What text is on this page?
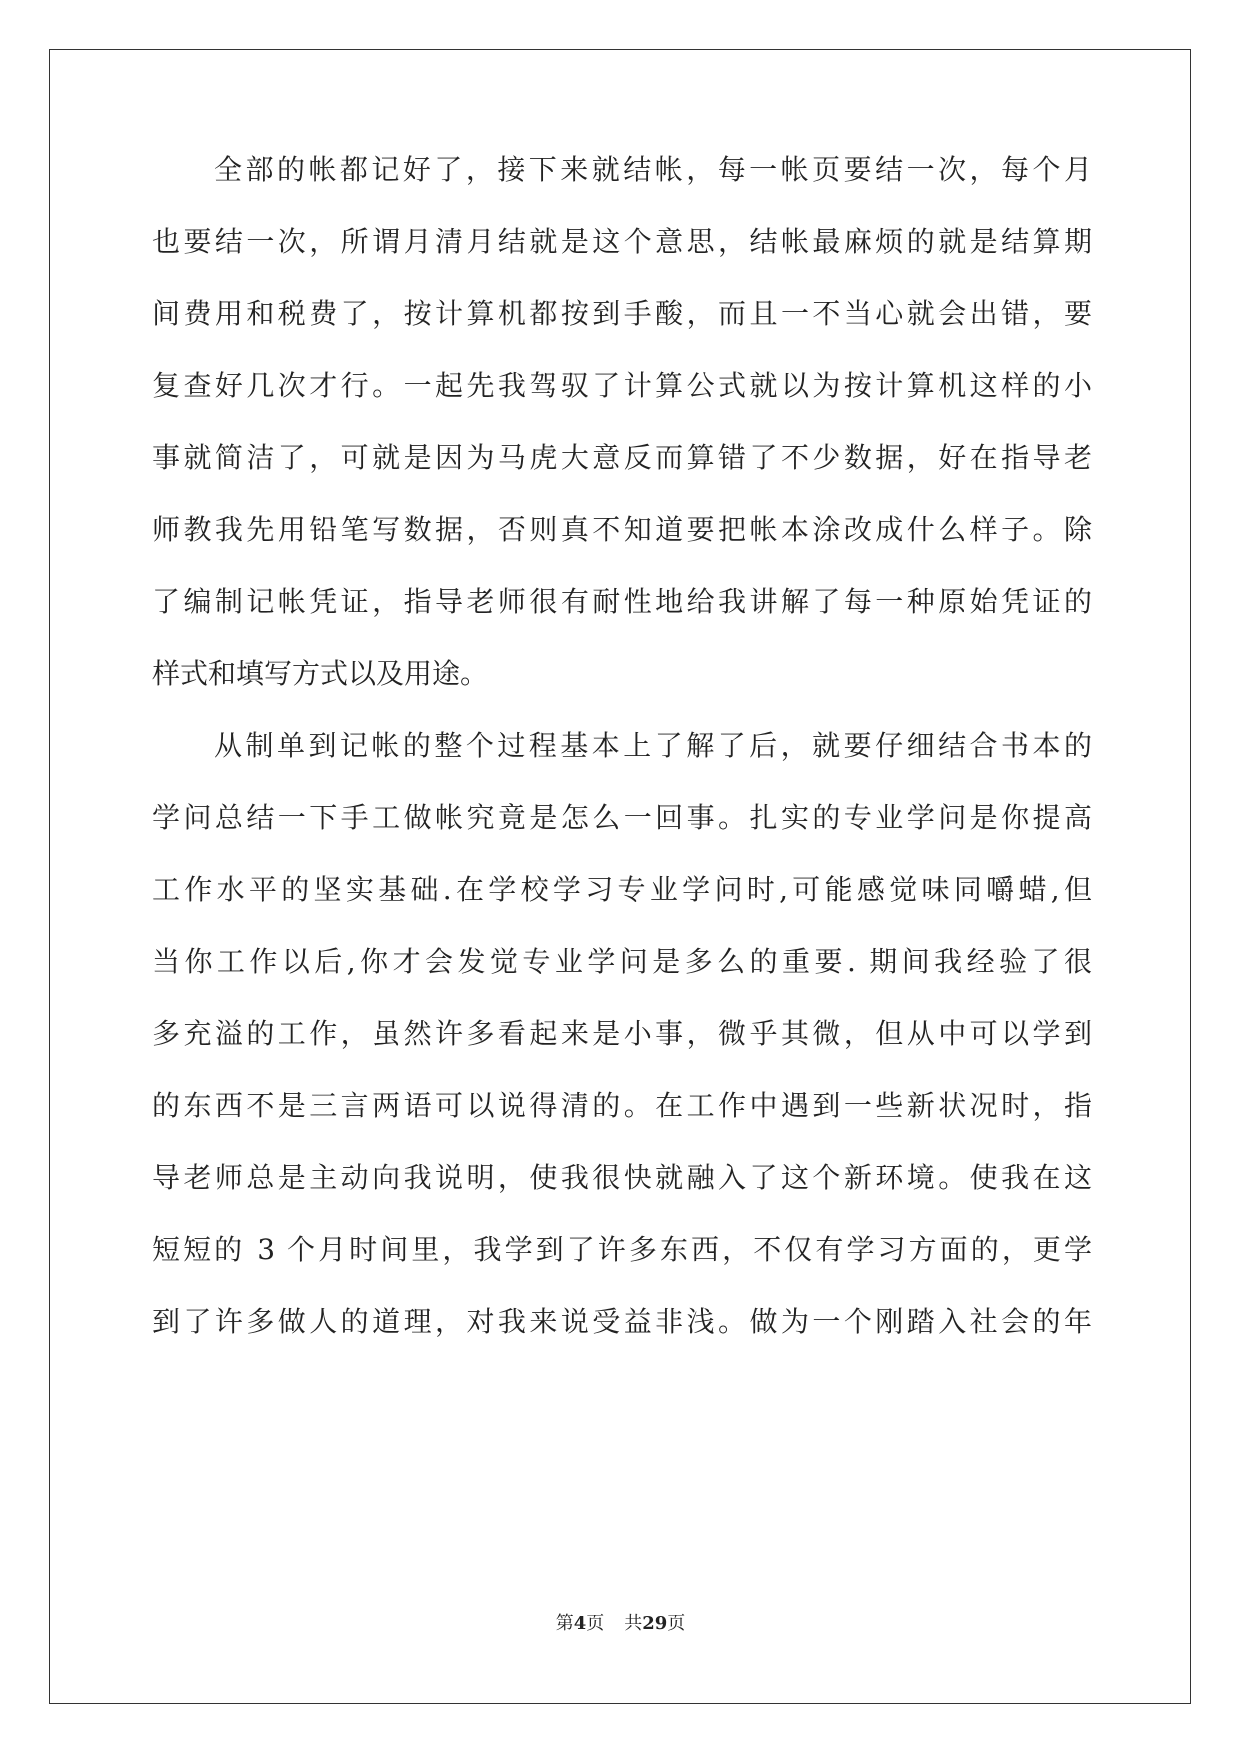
全部的帐都记好了，接下来就结帐，每一帐页要结一次，每个月
也要结一次，所谓月清月结就是这个意思，结帐最麻烦的就是结算期
间费用和税费了，按计算机都按到手酸，而且一不当心就会出错，要
复查好几次才行。一起先我驾驭了计算公式就以为按计算机这样的小
事就简洁了，可就是因为马虎大意反而算错了不少数据，好在指导老
师教我先用铅笔写数据，否则真不知道要把帐本涂改成什么样子。除
了编制记帐凭证，指导老师很有耐性地给我讲解了每一种原始凭证的
样式和填写方式以及用途。
从制单到记帐的整个过程基本上了解了后，就要仔细结合书本的
学问总结一下手工做帐究竟是怎么一回事。扎实的专业学问是你提高
工作水平的坚实基础.在学校学习专业学问时,可能感觉味同嚼蜡,但
当你工作以后,你才会发觉专业学问是多么的重要. 期间我经验了很
多充溢的工作，虽然许多看起来是小事，微乎其微，但从中可以学到
的东西不是三言两语可以说得清的。在工作中遇到一些新状况时，指
导老师总是主动向我说明，使我很快就融入了这个新环境。使我在这
短短的 3 个月时间里，我学到了许多东西，不仅有学习方面的，更学
到了许多做人的道理，对我来说受益非浅。做为一个刚踏入社会的年
第4页 共29页
